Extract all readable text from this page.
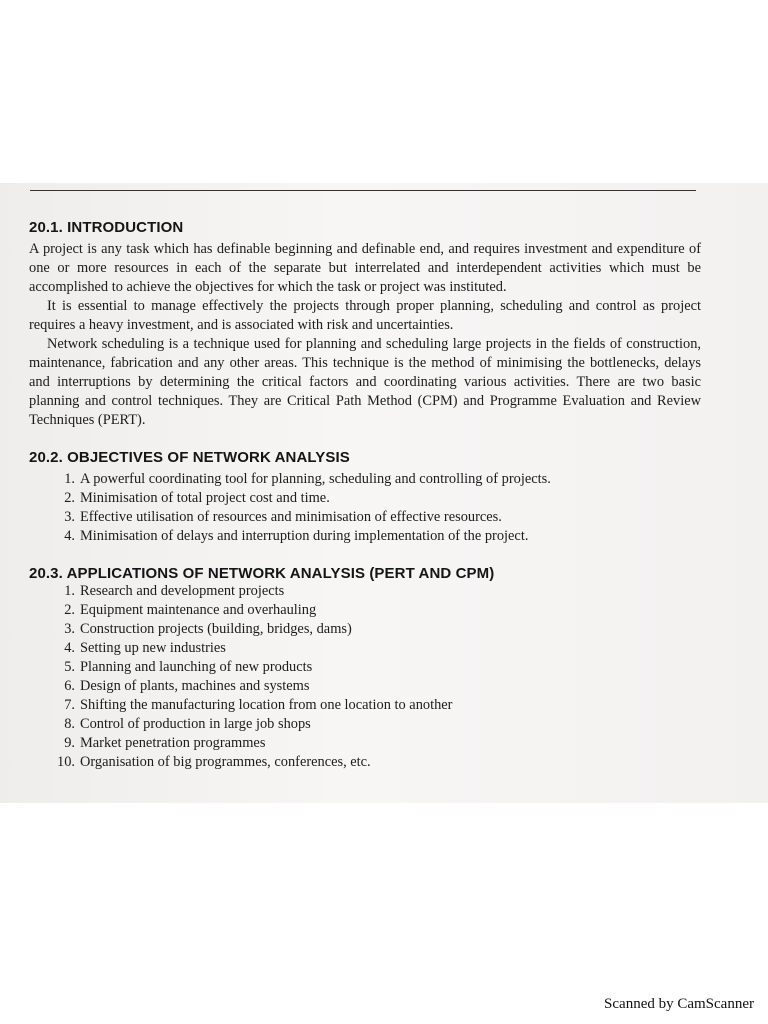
20.1. INTRODUCTION

A project is any task which has definable beginning and definable end, and requires investment and expenditure of one or more resources in each of the separate but interrelated and interdependent activities which must be accomplished to achieve the objectives for which the task or project was instituted.

It is essential to manage effectively the projects through proper planning, scheduling and control as project requires a heavy investment, and is associated with risk and uncertainties.

Network scheduling is a technique used for planning and scheduling large projects in the fields of construction, maintenance, fabrication and any other areas. This technique is the method of minimising the bottlenecks, delays and interruptions by determining the critical factors and coordinating various activities. There are two basic planning and control techniques. They are Critical Path Method (CPM) and Programme Evaluation and Review Techniques (PERT).

20.2. OBJECTIVES OF NETWORK ANALYSIS
1. A powerful coordinating tool for planning, scheduling and controlling of projects.
2. Minimisation of total project cost and time.
3. Effective utilisation of resources and minimisation of effective resources.
4. Minimisation of delays and interruption during implementation of the project.
20.3. APPLICATIONS OF NETWORK ANALYSIS (PERT AND CPM)
1. Research and development projects
2. Equipment maintenance and overhauling
3. Construction projects (building, bridges, dams)
4. Setting up new industries
5. Planning and launching of new products
6. Design of plants, machines and systems
7. Shifting the manufacturing location from one location to another
8. Control of production in large job shops
9. Market penetration programmes
10. Organisation of big programmes, conferences, etc.
Scanned by CamScanner
